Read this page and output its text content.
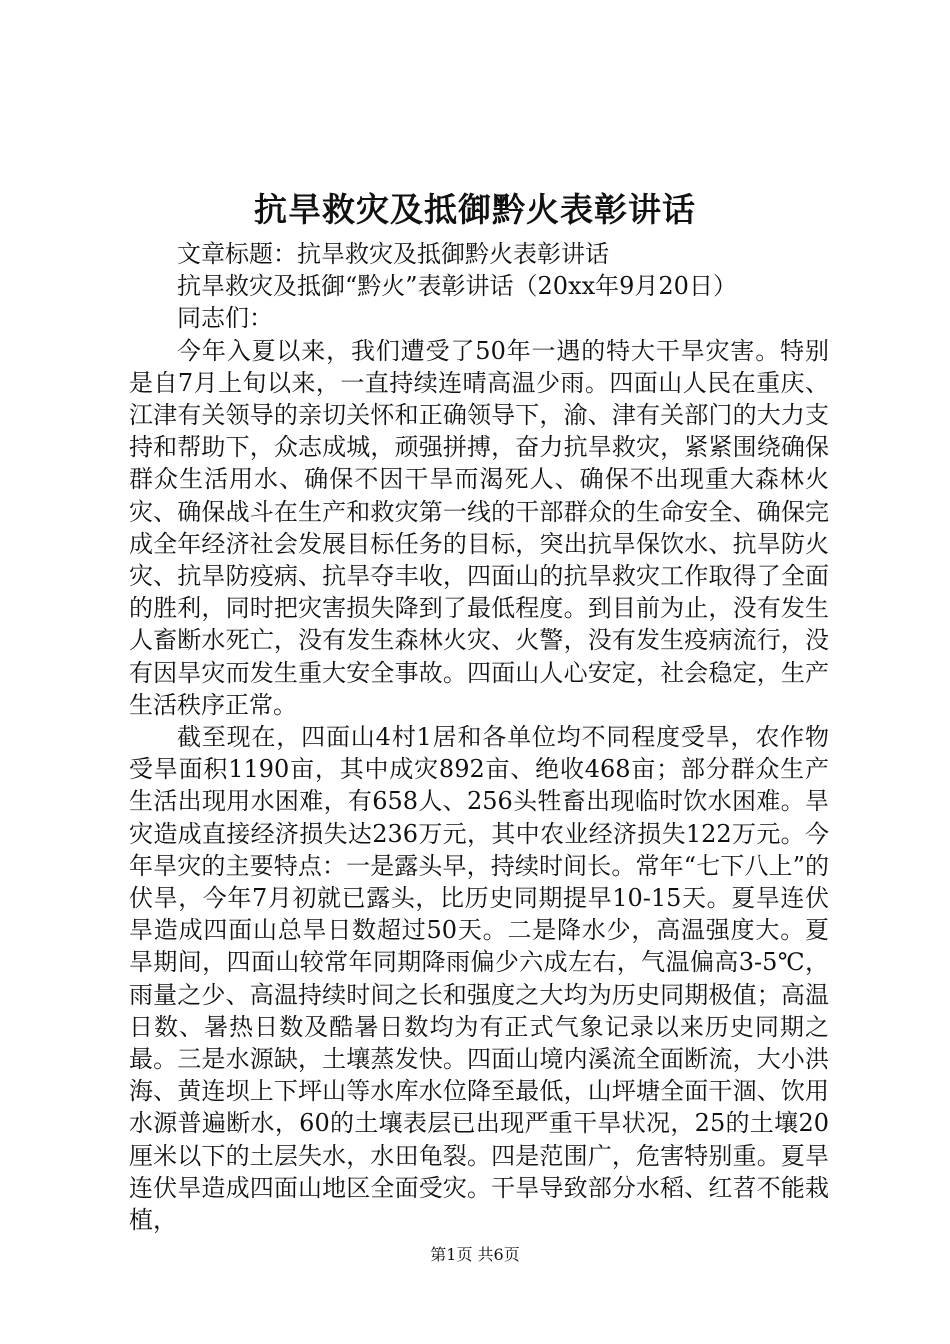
抗旱救灾及抵御黔火表彰讲话

文章标题：抗旱救灾及抵御黔火表彰讲话

抗旱救灾及抵御“黔火”表彰讲话（20xx年9月20日）

同志们：

今年入夏以来，我们遭受了50年一遇的特大干旱灾害。特别是自7月上旬以来，一直持续连晴高温少雨。四面山人民在重庆、江津有关领导的亲切关怀和正确领导下，渝、津有关部门的大力支持和帮助下，众志成城，顽强拼搏，奋力抗旱救灾，紧紧围绕确保群众生活用水、确保不因干旱而渴死人、确保不出现重大森林火灾、确保战斗在生产和救灾第一线的干部群众的生命安全、确保完成全年经济社会发展目标任务的目标，突出抗旱保饮水、抗旱防火灾、抗旱防疫病、抗旱夺丰收，四面山的抗旱救灾工作取得了全面的胜利，同时把灾害损失降到了最低程度。到目前为止，没有发生人畜断水死亡，没有发生森林火灾、火警，没有发生疫病流行，没有因旱灾而发生重大安全事故。四面山人心安定，社会稳定，生产生活秩序正常。

截至现在，四面山4村1居和各单位均不同程度受旱，农作物受旱面积1190亩，其中成灾892亩、绝收468亩；部分群众生产生活出现用水困难，有658人、256头牲畜出现临时饮水困难。旱灾造成直接经济损失达236万元，其中农业经济损失122万元。今年旱灾的主要特点：一是露头早，持续时间长。常年“七下八上”的伏旱，今年7月初就已露头，比历史同期提早10-15天。夏旱连伏旱造成四面山总旱日数超过50天。二是降水少，高温强度大。夏旱期间，四面山较常年同期降雨偏少六成左右，气温偏高3-5℃，雨量之少、高温持续时间之长和强度之大均为历史同期极值；高温日数、暑热日数及酷暑日数均为有正式气象记录以来历史同期之最。三是水源缺，土壤蒸发快。四面山境内溪流全面断流，大小洪海、黄连坝上下坪山等水库水位降至最低，山坪塘全面干涸、饮用水源普遍断水，60的土壤表层已出现严重干旱状况，25的土壤20厘米以下的土层失水，水田龟裂。四是范围广，危害特别重。夏旱连伏旱造成四面山地区全面受灾。干旱导致部分水稻、红苕不能栽植，

第1页 共6页
